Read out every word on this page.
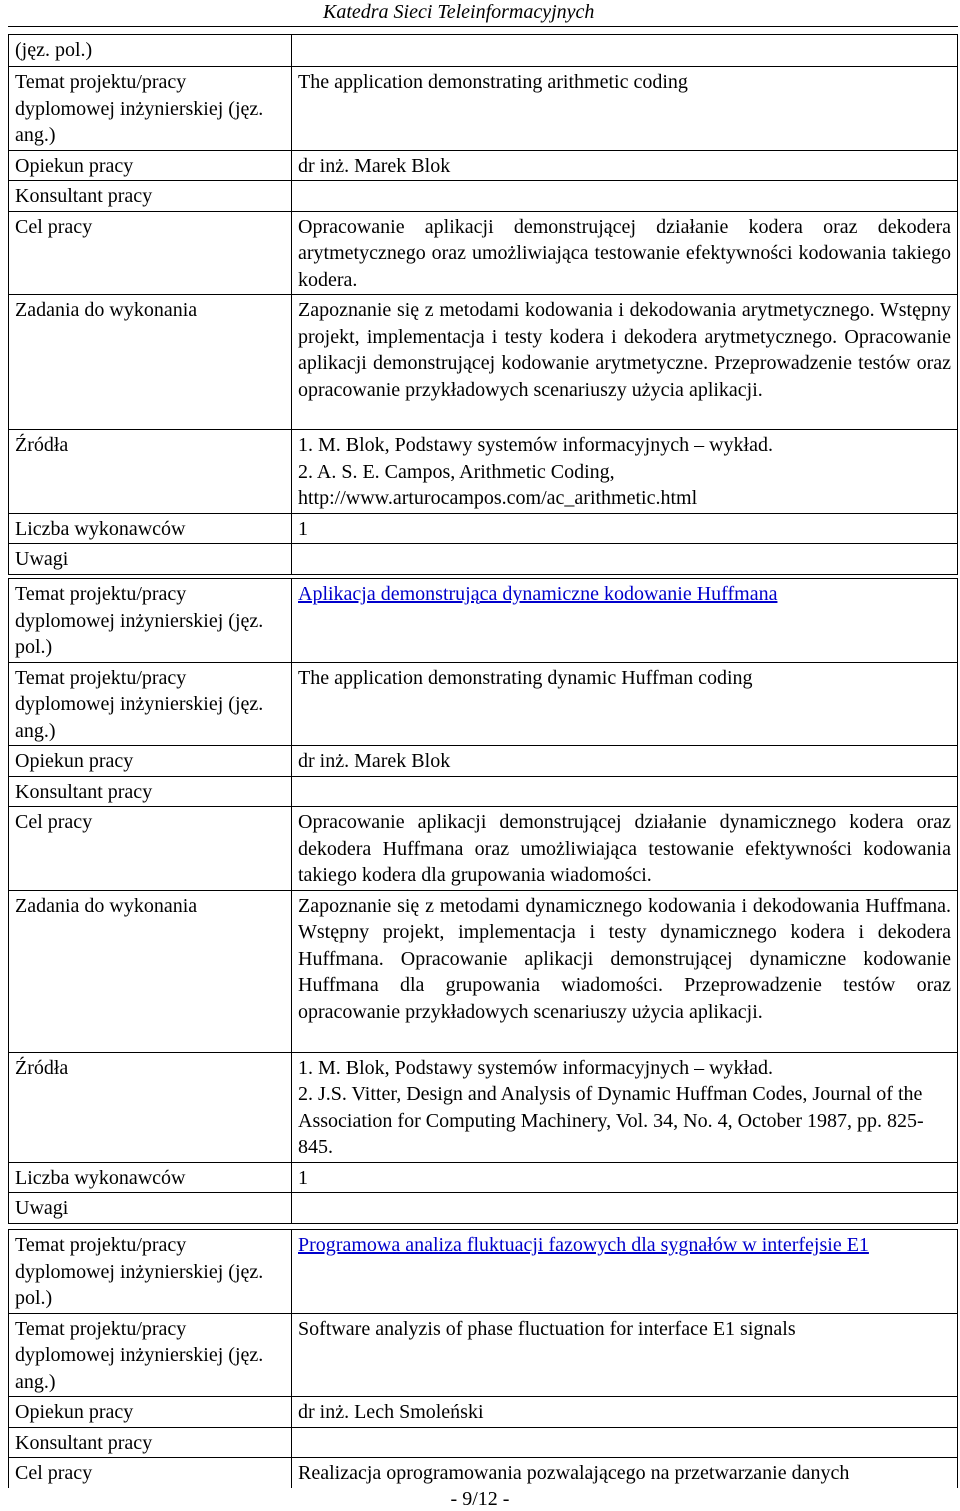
Katedra Sieci Teleinformacyjnych
(jęz. pol.)	
Temat projektu/pracy dyplomowej inżynierskiej (jęz. ang.)	The application demonstrating arithmetic coding
Opiekun pracy	dr inż. Marek Blok
Konsultant pracy	
Cel pracy	Opracowanie aplikacji demonstrującej działanie kodera oraz dekodera arytmetycznego oraz umożliwiająca testowanie efektywności kodowania takiego kodera.
Zadania do wykonania	Zapoznanie się z metodami kodowania i dekodowania arytmetycznego. Wstępny projekt, implementacja i testy kodera i dekodera arytmetycznego. Opracowanie aplikacji demonstrującej kodowanie arytmetyczne. Przeprowadzenie testów oraz opracowanie przykładowych scenariuszy użycia aplikacji.
Źródła	1. M. Blok, Podstawy systemów informacyjnych – wykład.
2. A. S. E. Campos, Arithmetic Coding,
http://www.arturocampos.com/ac_arithmetic.html

Liczba wykonawców	1
Uwagi	
Temat projektu/pracy dyplomowej inżynierskiej (jęz. pol.)	Aplikacja demonstrująca dynamiczne kodowanie Huffmana
Temat projektu/pracy dyplomowej inżynierskiej (jęz. ang.)	The application demonstrating dynamic Huffman coding
Opiekun pracy	dr inż. Marek Blok
Konsultant pracy	
Cel pracy	Opracowanie aplikacji demonstrującej działanie dynamicznego kodera oraz dekodera Huffmana oraz umożliwiająca testowanie efektywności kodowania takiego kodera dla grupowania wiadomości.
Zadania do wykonania	Zapoznanie się z metodami dynamicznego kodowania i dekodowania Huffmana. Wstępny projekt, implementacja i testy dynamicznego kodera i dekodera Huffmana. Opracowanie aplikacji demonstrującej dynamiczne kodowanie Huffmana dla grupowania wiadomości. Przeprowadzenie testów oraz opracowanie przykładowych scenariuszy użycia aplikacji.
Źródła	1. M. Blok, Podstawy systemów informacyjnych – wykład.
2. J.S. Vitter, Design and Analysis of Dynamic Huffman Codes, Journal of the Association for Computing Machinery, Vol. 34, No. 4, October 1987, pp. 825-845.

Liczba wykonawców	1
Uwagi	
Temat projektu/pracy dyplomowej inżynierskiej (jęz. pol.)	Programowa analiza fluktuacji fazowych dla sygnałów w interfejsie E1
Temat projektu/pracy dyplomowej inżynierskiej (jęz. ang.)	Software analyzis of phase fluctuation for interface E1 signals
Opiekun pracy	dr inż. Lech Smoleński
Konsultant pracy	
Cel pracy	Realizacja oprogramowania pozwalającego na przetwarzanie danych
- 9/12 -
